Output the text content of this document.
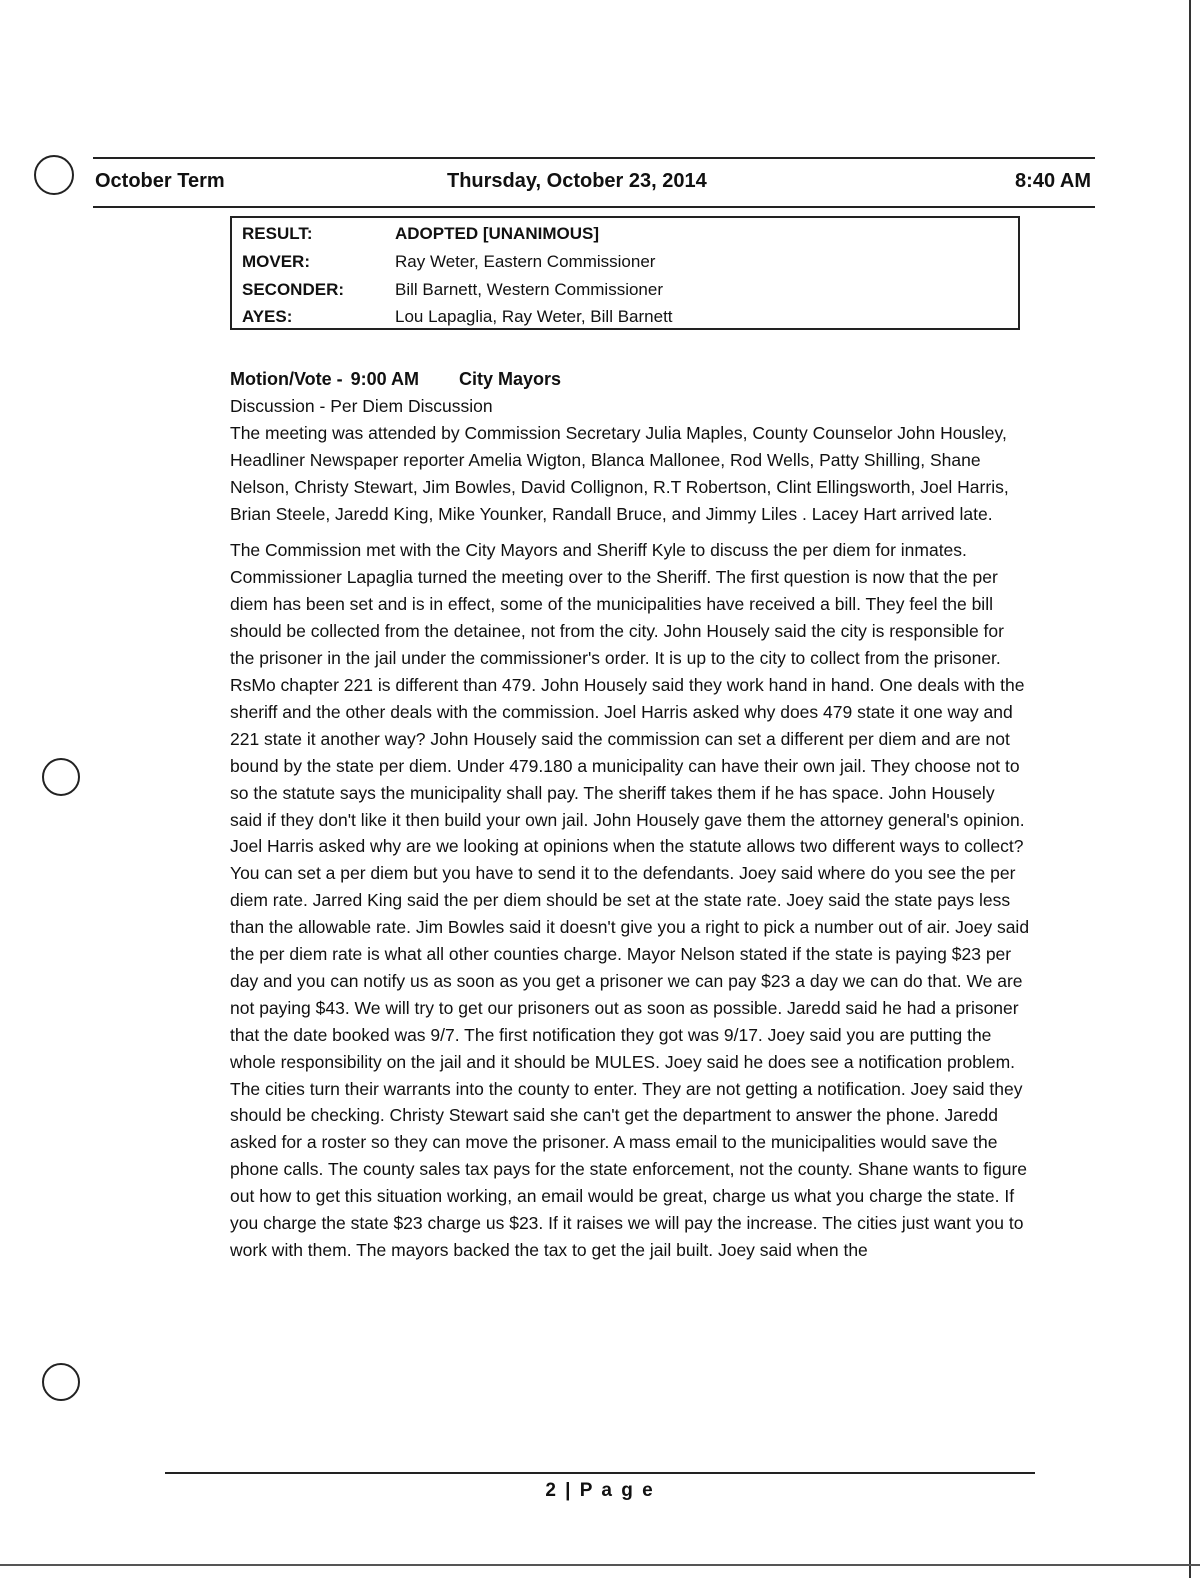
October Term	Thursday, October 23, 2014	8:40 AM
RESULT:	ADOPTED [UNANIMOUS]
MOVER:	Ray Weter, Eastern Commissioner
SECONDER:	Bill Barnett, Western Commissioner
AYES:	Lou Lapaglia, Ray Weter, Bill Barnett
Motion/Vote - 9:00 AM City Mayors
Discussion - Per Diem Discussion

The meeting was attended by Commission Secretary Julia Maples, County Counselor John Housley, Headliner Newspaper reporter Amelia Wigton, Blanca Mallonee, Rod Wells, Patty Shilling, Shane Nelson, Christy Stewart, Jim Bowles, David Collignon, R.T Robertson, Clint Ellingsworth, Joel Harris, Brian Steele, Jaredd King, Mike Younker, Randall Bruce, and Jimmy Liles . Lacey Hart arrived late.

The Commission met with the City Mayors and Sheriff Kyle to discuss the per diem for inmates. Commissioner Lapaglia turned the meeting over to the Sheriff. The first question is now that the per diem has been set and is in effect, some of the municipalities have received a bill. They feel the bill should be collected from the detainee, not from the city. John Housely said the city is responsible for the prisoner in the jail under the commissioner's order. It is up to the city to collect from the prisoner. RsMo chapter 221 is different than 479. John Housely said they work hand in hand. One deals with the sheriff and the other deals with the commission. Joel Harris asked why does 479 state it one way and 221 state it another way? John Housely said the commission can set a different per diem and are not bound by the state per diem. Under 479.180 a municipality can have their own jail. They choose not to so the statute says the municipality shall pay. The sheriff takes them if he has space. John Housely said if they don't like it then build your own jail. John Housely gave them the attorney general's opinion. Joel Harris asked why are we looking at opinions when the statute allows two different ways to collect? You can set a per diem but you have to send it to the defendants. Joey said where do you see the per diem rate. Jarred King said the per diem should be set at the state rate. Joey said the state pays less than the allowable rate. Jim Bowles said it doesn't give you a right to pick a number out of air. Joey said the per diem rate is what all other counties charge. Mayor Nelson stated if the state is paying $23 per day and you can notify us as soon as you get a prisoner we can pay $23 a day we can do that. We are not paying $43. We will try to get our prisoners out as soon as possible. Jaredd said he had a prisoner that the date booked was 9/7. The first notification they got was 9/17. Joey said you are putting the whole responsibility on the jail and it should be MULES. Joey said he does see a notification problem. The cities turn their warrants into the county to enter. They are not getting a notification. Joey said they should be checking. Christy Stewart said she can't get the department to answer the phone. Jaredd asked for a roster so they can move the prisoner. A mass email to the municipalities would save the phone calls. The county sales tax pays for the state enforcement, not the county. Shane wants to figure out how to get this situation working, an email would be great, charge us what you charge the state. If you charge the state $23 charge us $23. If it raises we will pay the increase. The cities just want you to work with them. The mayors backed the tax to get the jail built. Joey said when the

2 | P a g e
